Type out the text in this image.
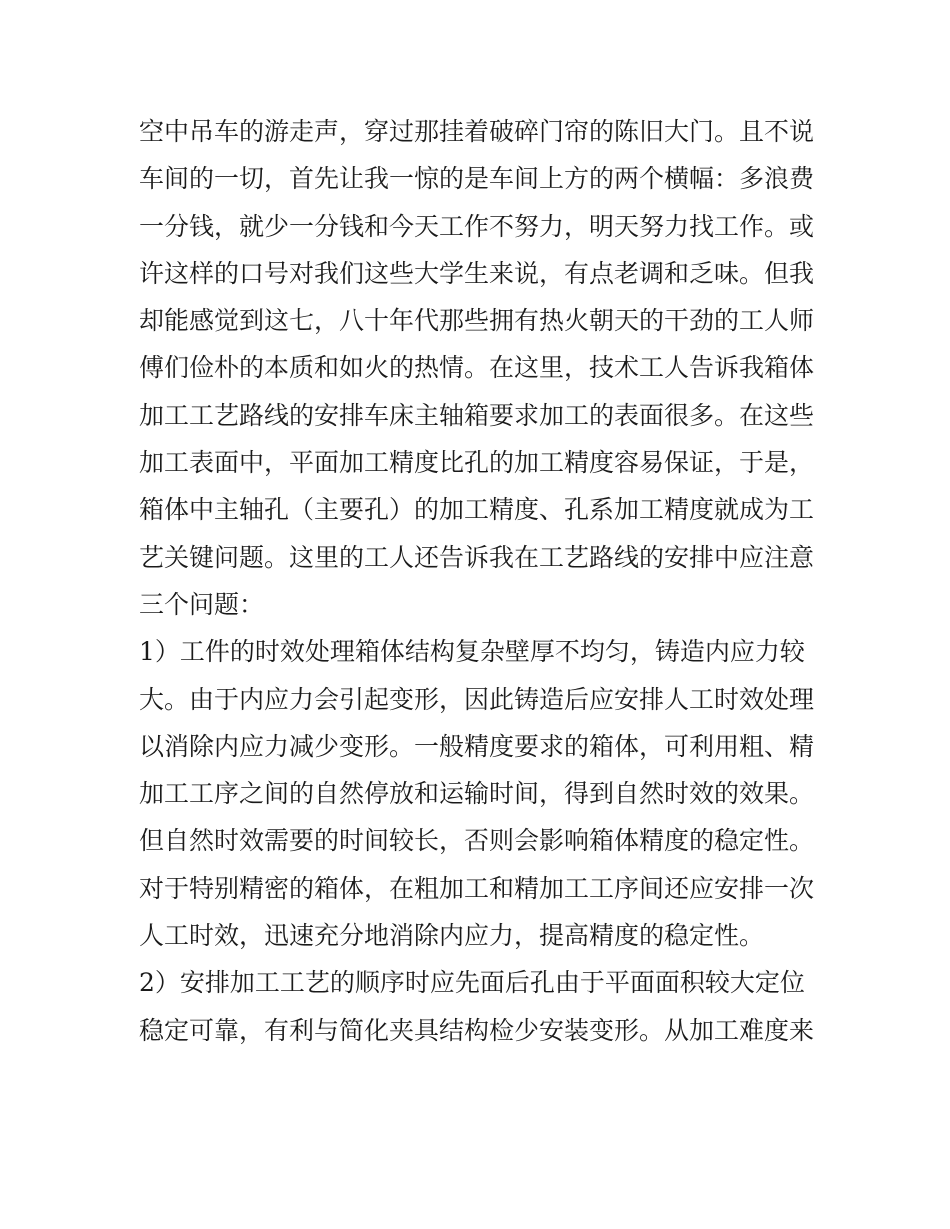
空中吊车的游走声，穿过那挂着破碎门帘的陈旧大门。且不说
车间的一切，首先让我一惊的是车间上方的两个横幅：多浪费
一分钱，就少一分钱和今天工作不努力，明天努力找工作。或
许这样的口号对我们这些大学生来说，有点老调和乏味。但我
却能感觉到这七，八十年代那些拥有热火朝天的干劲的工人师
傅们俭朴的本质和如火的热情。在这里，技术工人告诉我箱体
加工工艺路线的安排车床主轴箱要求加工的表面很多。在这些
加工表面中，平面加工精度比孔的加工精度容易保证，于是，
箱体中主轴孔（主要孔）的加工精度、孔系加工精度就成为工
艺关键问题。这里的工人还告诉我在工艺路线的安排中应注意
三个问题：
1）工件的时效处理箱体结构复杂壁厚不均匀，铸造内应力较
大。由于内应力会引起变形，因此铸造后应安排人工时效处理
以消除内应力减少变形。一般精度要求的箱体，可利用粗、精
加工工序之间的自然停放和运输时间，得到自然时效的效果。
但自然时效需要的时间较长，否则会影响箱体精度的稳定性。
对于特别精密的箱体，在粗加工和精加工工序间还应安排一次
人工时效，迅速充分地消除内应力，提高精度的稳定性。
2）安排加工工艺的顺序时应先面后孔由于平面面积较大定位
稳定可靠，有利与简化夹具结构检少安装变形。从加工难度来
